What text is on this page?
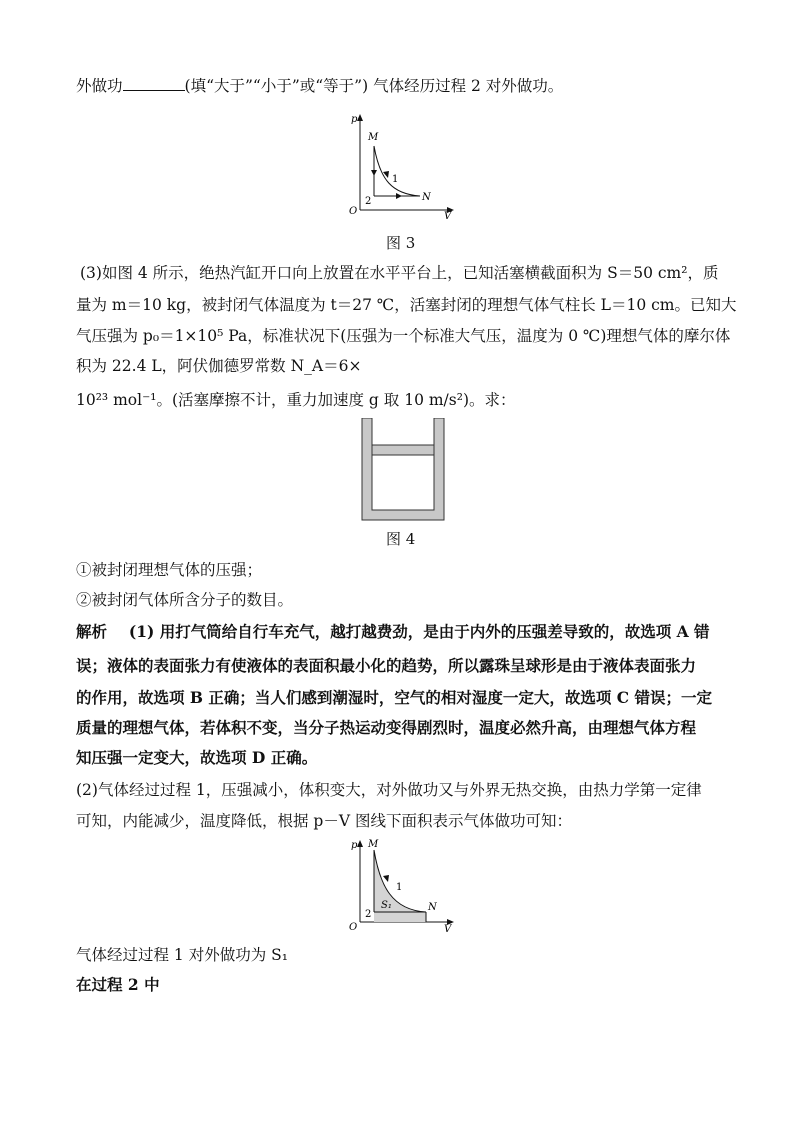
外做功	(填“大于”“小于”或“等于”) 气体经历过程 2 对外做功。
p
V
O
M
N
1
2
图 3
(3)如图 4 所示，绝热汽缸开口向上放置在水平平台上，已知活塞横截面积为 S＝50 cm²，质
量为 m＝10 kg，被封闭气体温度为 t＝27 ℃，活塞封闭的理想气体气柱长 L＝10 cm。已知大
气压强为 p₀＝1×10⁵ Pa，标准状况下(压强为一个标准大气压，温度为 0 ℃)理想气体的摩尔体
积为 22.4 L，阿伏伽德罗常数 N_A＝6×
10²³ mol⁻¹。(活塞摩擦不计，重力加速度 g 取 10 m/s²)。求：
图 4
①被封闭理想气体的压强；
②被封闭气体所含分子的数目。
解析 (1) 用打气筒给自行车充气，越打越费劲，是由于内外的压强差导致的，故选项 A 错
误；液体的表面张力有使液体的表面积最小化的趋势，所以露珠呈球形是由于液体表面张力
的作用，故选项 B 正确；当人们感到潮湿时，空气的相对湿度一定大，故选项 C 错误；一定
质量的理想气体，若体积不变，当分子热运动变得剧烈时，温度必然升高，由理想气体方程
知压强一定变大，故选项 D 正确。
(2)气体经过过程 1，压强减小，体积变大，对外做功又与外界无热交换，由热力学第一定律
可知，内能减少，温度降低，根据 p－V 图线下面积表示气体做功可知：
p
V
O
M
N
1
2
S₁
气体经过过程 1 对外做功为 S₁
在过程 2 中
